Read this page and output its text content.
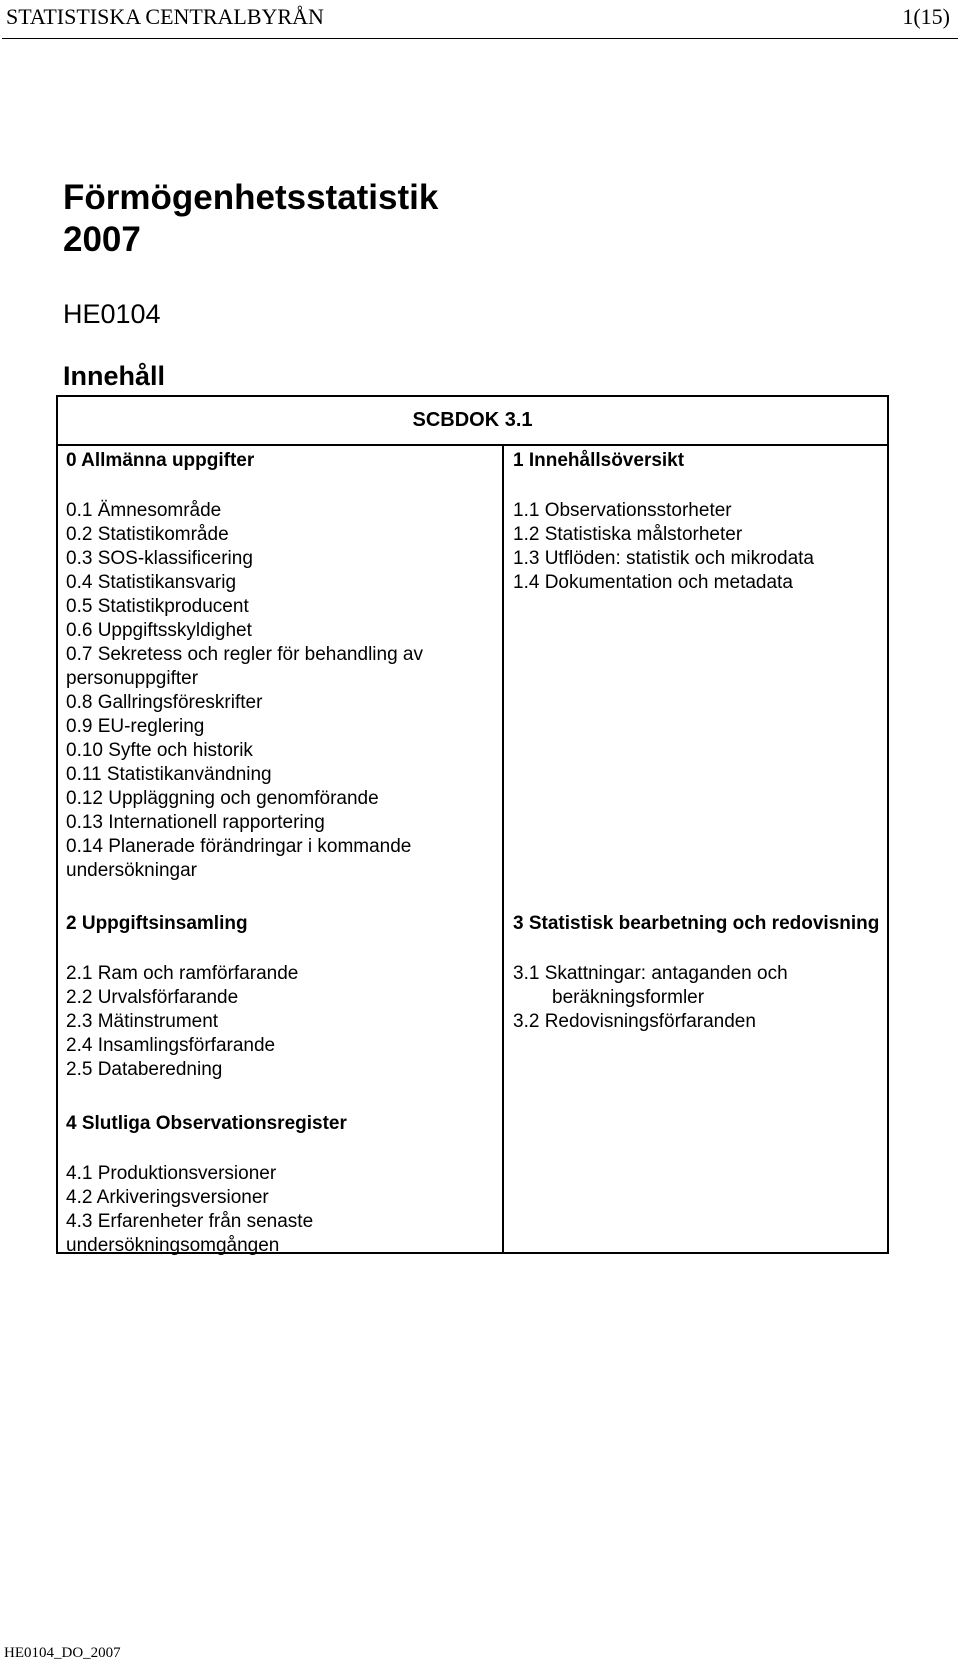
STATISTISKA CENTRALBYRÅN	1(15)
Förmögenhetsstatistik
2007
HE0104
Innehåll
SCBDOK 3.1
0 Allmänna uppgifter
0.1 Ämnesområde
0.2 Statistikområde
0.3 SOS-klassificering
0.4 Statistikansvarig
0.5 Statistikproducent
0.6 Uppgiftsskyldighet
0.7 Sekretess och regler för behandling av personuppgifter
0.8 Gallringsföreskrifter
0.9 EU-reglering
0.10 Syfte och historik
0.11 Statistikanvändning
0.12 Uppläggning och genomförande
0.13 Internationell rapportering
0.14 Planerade förändringar i kommande undersökningar
1 Innehållsöversikt
1.1 Observationsstorheter
1.2 Statistiska målstorheter
1.3 Utflöden: statistik och mikrodata
1.4 Dokumentation och metadata
2 Uppgiftsinsamling
2.1 Ram och ramförfarande
2.2 Urvalsförfarande
2.3 Mätinstrument
2.4 Insamlingsförfarande
2.5 Databeredning
3 Statistisk bearbetning och redovisning
3.1 Skattningar: antaganden och beräkningsformler
3.2 Redovisningsförfaranden
4 Slutliga Observationsregister
4.1 Produktionsversioner
4.2 Arkiveringsversioner
4.3 Erfarenheter från senaste undersökningsomgången
HE0104_DO_2007
